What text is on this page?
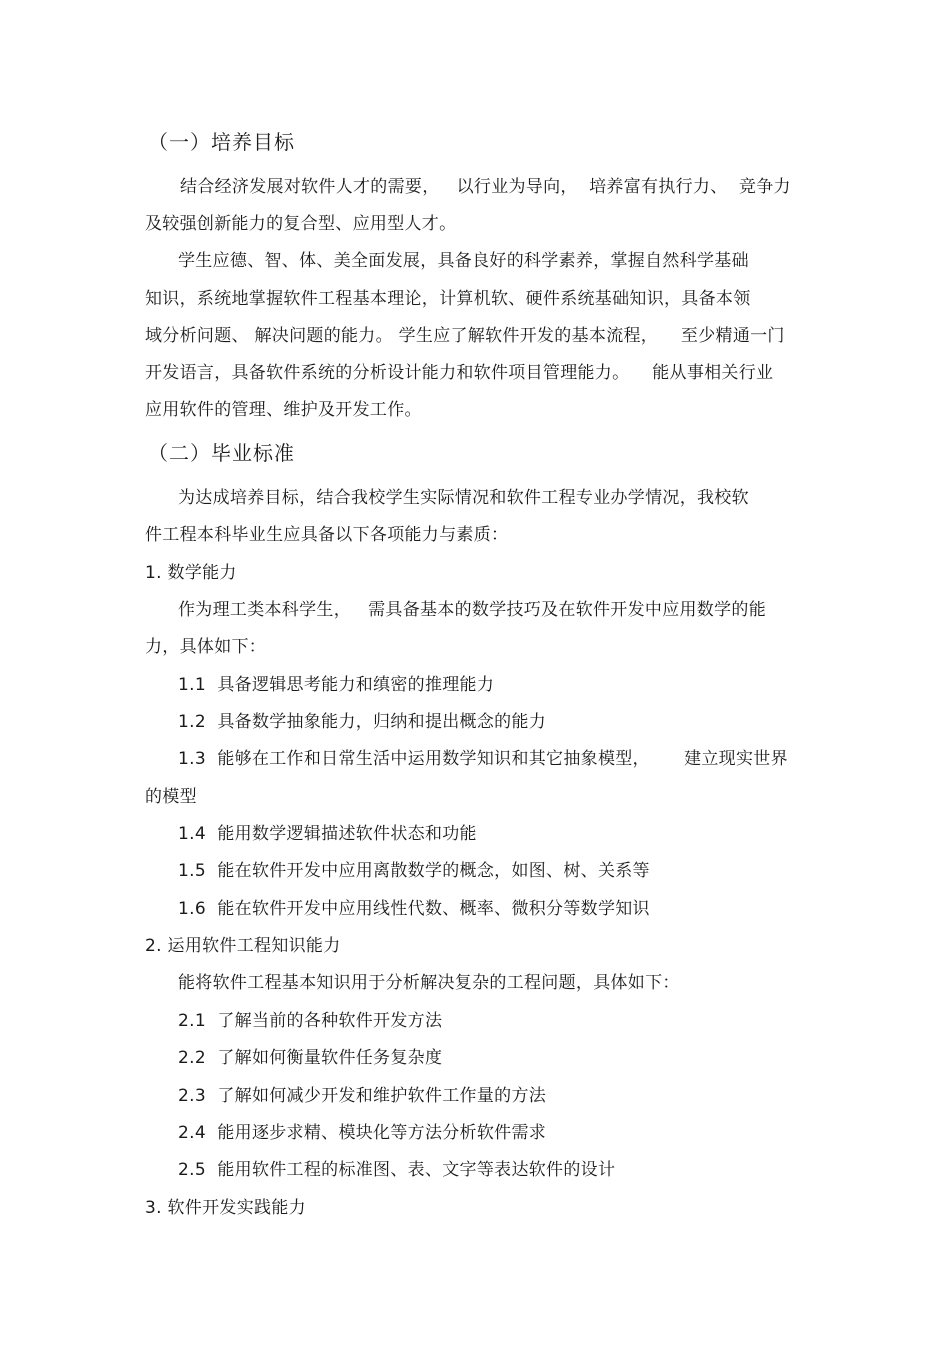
（一）培养目标
结合经济发展对软件人才的需要，   以行业为导向，  培养富有执行力、  竞争力
及较强创新能力的复合型、应用型人才。
学生应德、智、体、美全面发展，具备良好的科学素养，掌握自然科学基础
知识，系统地掌握软件工程基本理论，计算机软、硬件系统基础知识，具备本领
域分析问题、 解决问题的能力。 学生应了解软件开发的基本流程，    至少精通一门
开发语言，具备软件系统的分析设计能力和软件项目管理能力。    能从事相关行业
应用软件的管理、维护及开发工作。
（二）毕业标准
为达成培养目标，结合我校学生实际情况和软件工程专业办学情况，我校软
件工程本科毕业生应具备以下各项能力与素质：
1. 数学能力
作为理工类本科学生，   需具备基本的数学技巧及在软件开发中应用数学的能
力，具体如下：
1.1  具备逻辑思考能力和缜密的推理能力
1.2  具备数学抽象能力，归纳和提出概念的能力
1.3  能够在工作和日常生活中运用数学知识和其它抽象模型，      建立现实世界
的模型
1.4  能用数学逻辑描述软件状态和功能
1.5  能在软件开发中应用离散数学的概念，如图、树、关系等
1.6  能在软件开发中应用线性代数、概率、微积分等数学知识
2. 运用软件工程知识能力
能将软件工程基本知识用于分析解决复杂的工程问题，具体如下：
2.1  了解当前的各种软件开发方法
2.2  了解如何衡量软件任务复杂度
2.3  了解如何减少开发和维护软件工作量的方法
2.4  能用逐步求精、模块化等方法分析软件需求
2.5  能用软件工程的标准图、表、文字等表达软件的设计
3. 软件开发实践能力
